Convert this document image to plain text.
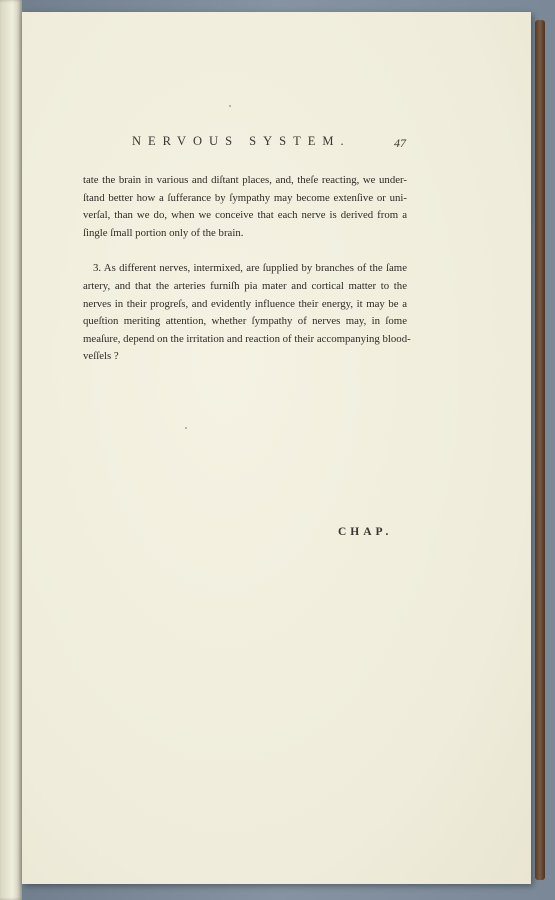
NERVOUS SYSTEM.	47

tate the brain in various and diſtant places, and, theſe reacting, we under-
ſtand better how a ſufferance by ſympathy may become extenſive or uni-
verſal, than we do, when we conceive that each nerve is derived from a
ſingle ſmall portion only of the brain.

3. As different nerves, intermixed, are ſupplied by branches of the ſame
artery, and that the arteries furniſh pia mater and cortical matter to the
nerves in their progreſs, and evidently influence their energy, it may be a
queſtion meriting attention, whether ſympathy of nerves may, in ſome
meaſure, depend on the irritation and reaction of their accompanying blood-
veſſels ?

CHAP.
